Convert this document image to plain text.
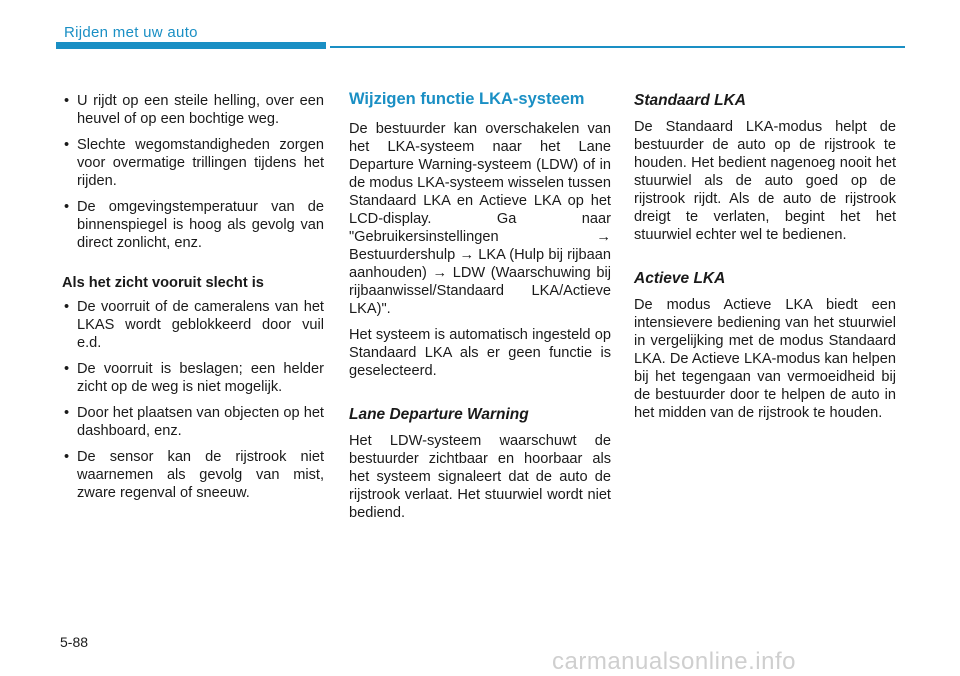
Rijden met uw auto
• U rijdt op een steile helling, over een heuvel of op een bochtige weg.
• Slechte wegomstandigheden zorgen voor overmatige trillingen tijdens het rijden.
• De omgevingstemperatuur van de binnenspiegel is hoog als gevolg van direct zonlicht, enz.
Als het zicht vooruit slecht is
• De voorruit of de cameralens van het LKAS wordt geblokkeerd door vuil e.d.
• De voorruit is beslagen; een helder zicht op de weg is niet mogelijk.
• Door het plaatsen van objecten op het dashboard, enz.
• De sensor kan de rijstrook niet waarnemen als gevolg van mist, zware regenval of sneeuw.
Wijzigen functie LKA-systeem

De bestuurder kan overschakelen van het LKA-systeem naar het Lane Departure Warning-systeem (LDW) of in de modus LKA-systeem wisselen tussen Standaard LKA en Actieve LKA op het LCD-display. Ga naar "Gebruikersinstellingen → Bestuurdershulp → LKA (Hulp bij rijbaan aanhouden) → LDW (Waarschuwing bij rijbaanwissel/Standaard LKA/Actieve LKA)".

Het systeem is automatisch ingesteld op Standaard LKA als er geen functie is geselecteerd.

Lane Departure Warning

Het LDW-systeem waarschuwt de bestuurder zichtbaar en hoorbaar als het systeem signaleert dat de auto de rijstrook verlaat. Het stuurwiel wordt niet bediend.

Standaard LKA

De Standaard LKA-modus helpt de bestuurder de auto op de rijstrook te houden. Het bedient nagenoeg nooit het stuurwiel als de auto goed op de rijstrook rijdt. Als de auto de rijstrook dreigt te verlaten, begint het het stuurwiel echter wel te bedienen.

Actieve LKA

De modus Actieve LKA biedt een intensievere bediening van het stuurwiel in vergelijking met de modus Standaard LKA. De Actieve LKA-modus kan helpen bij het tegengaan van vermoeidheid bij de bestuurder door te helpen de auto in het midden van de rijstrook te houden.

5-88
carmanualsonline.info
